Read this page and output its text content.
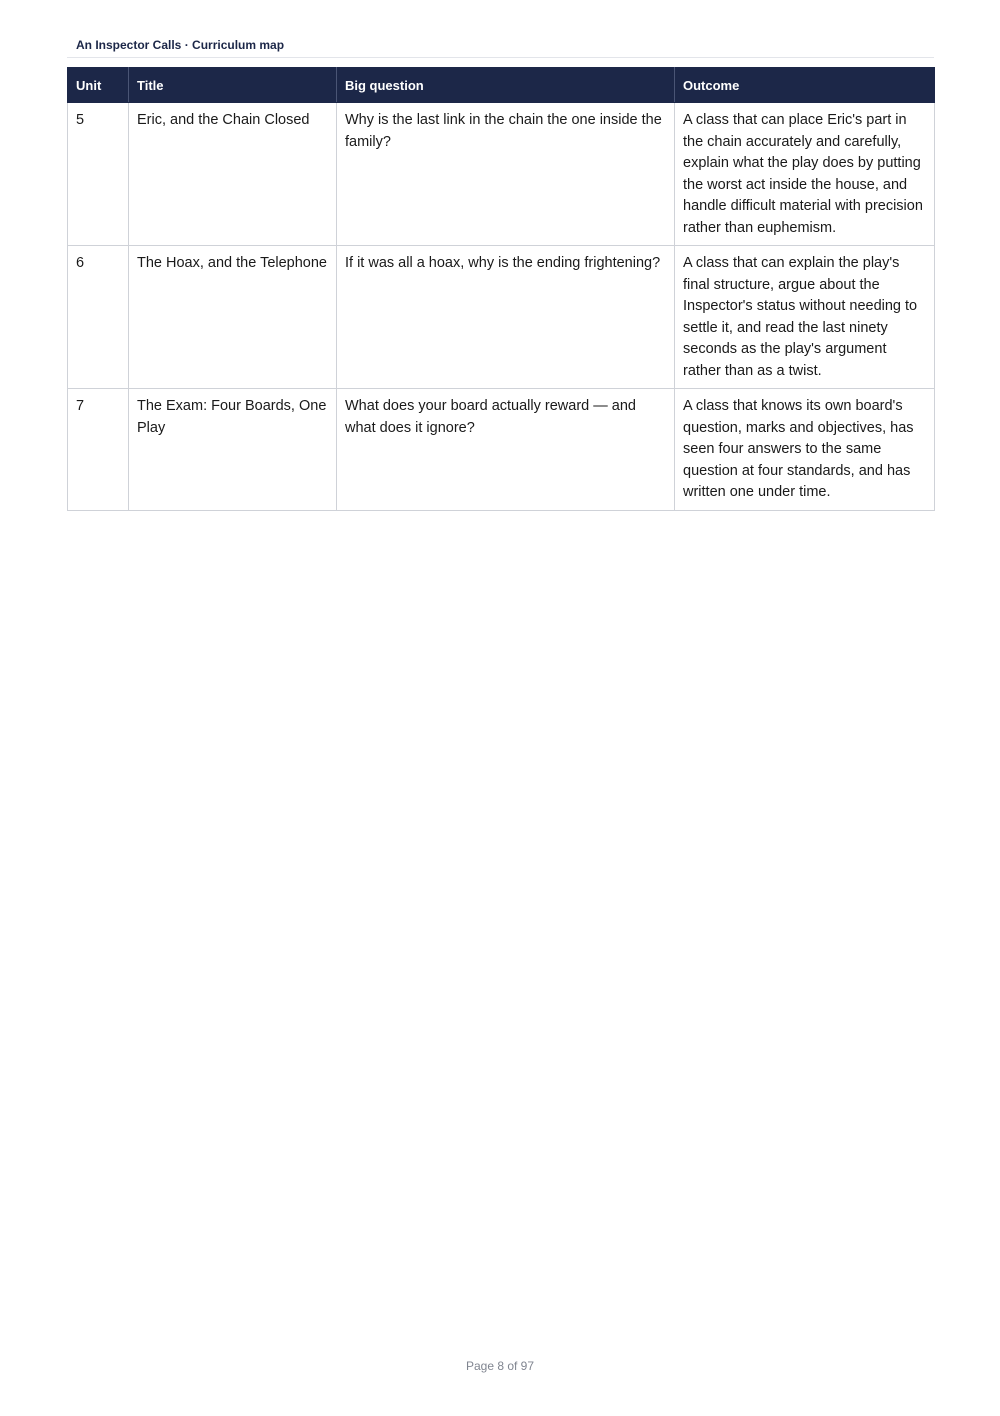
An Inspector Calls · Curriculum map
Unit	Title	Big question	Outcome
5	Eric, and the Chain Closed	Why is the last link in the chain the one inside the family?	A class that can place Eric's part in the chain accurately and carefully, explain what the play does by putting the worst act inside the house, and handle difficult material with precision rather than euphemism.
6	The Hoax, and the Telephone	If it was all a hoax, why is the ending frightening?	A class that can explain the play's final structure, argue about the Inspector's status without needing to settle it, and read the last ninety seconds as the play's argument rather than as a twist.
7	The Exam: Four Boards, One Play	What does your board actually reward — and what does it ignore?	A class that knows its own board's question, marks and objectives, has seen four answers to the same question at four standards, and has written one under time.
Page 8 of 97
